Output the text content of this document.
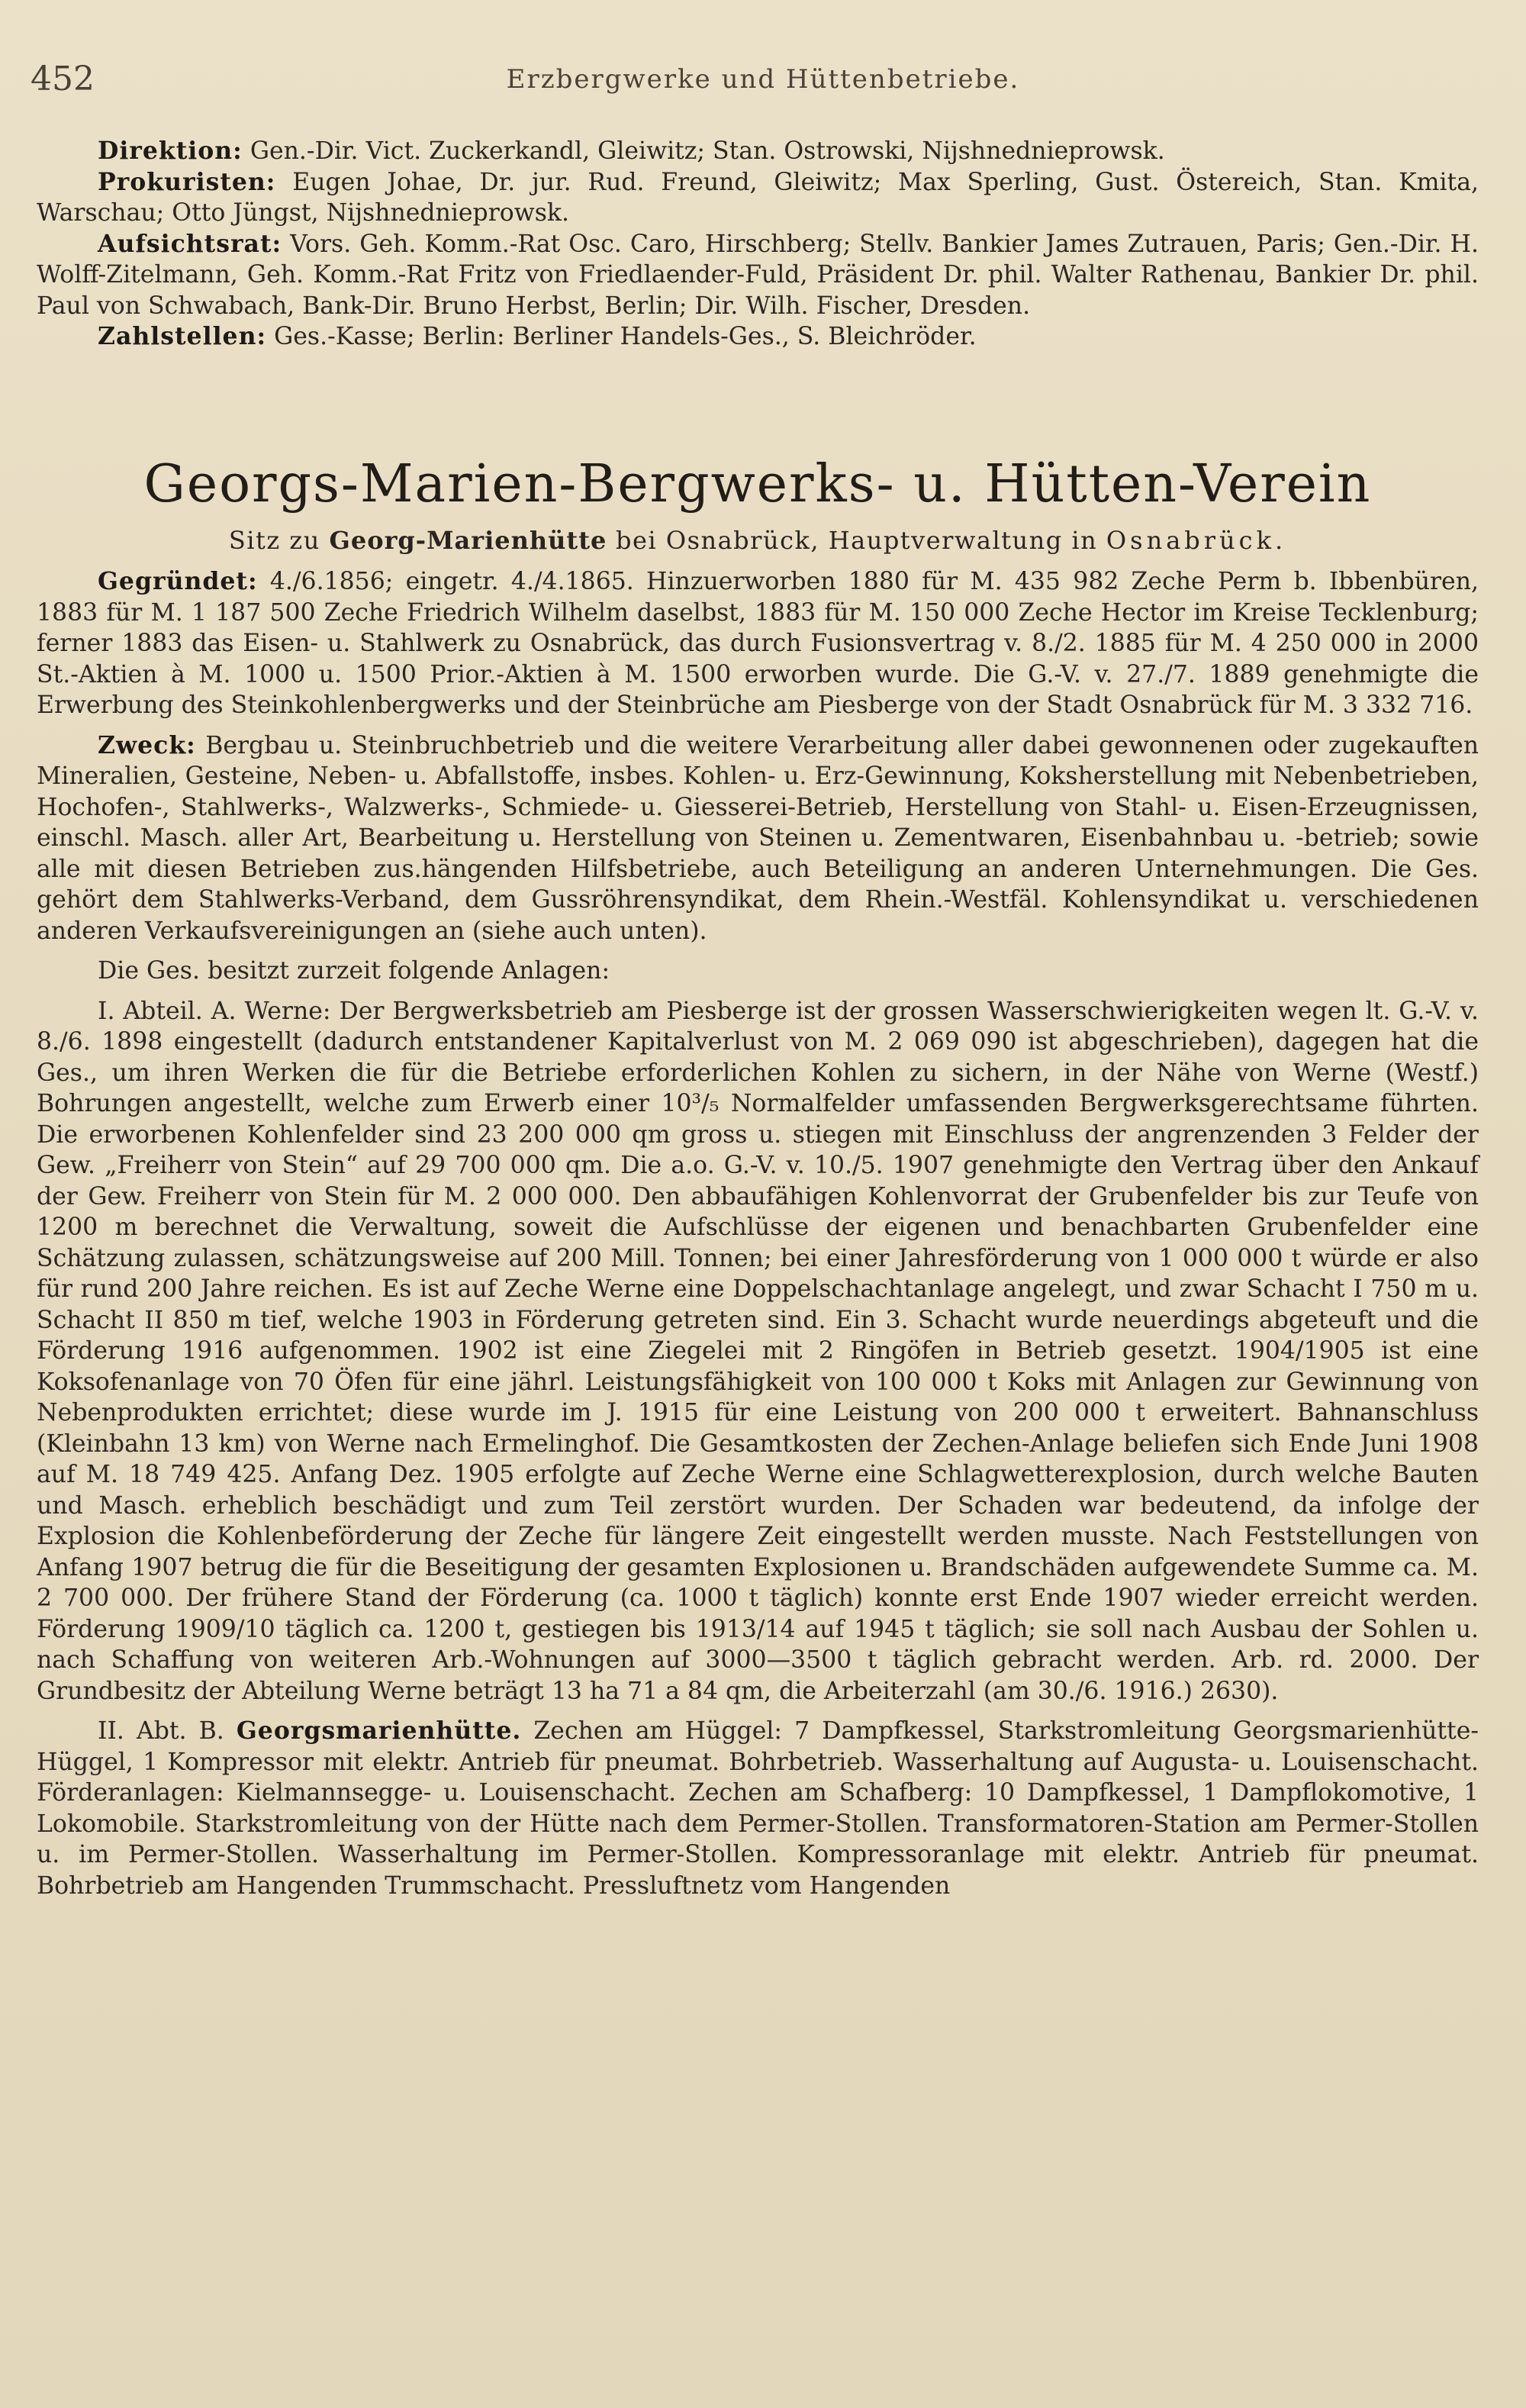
452	Erzbergwerke und Hüttenbetriebe.

Direktion: Gen.-Dir. Vict. Zuckerkandl, Gleiwitz; Stan. Ostrowski, Nijshnednieprowsk.

Prokuristen: Eugen Johae, Dr. jur. Rud. Freund, Gleiwitz; Max Sperling, Gust. Östereich, Stan. Kmita, Warschau; Otto Jüngst, Nijshnednieprowsk.

Aufsichtsrat: Vors. Geh. Komm.-Rat Osc. Caro, Hirschberg; Stellv. Bankier James Zutrauen, Paris; Gen.-Dir. H. Wolff-Zitelmann, Geh. Komm.-Rat Fritz von Friedlaender-Fuld, Präsident Dr. phil. Walter Rathenau, Bankier Dr. phil. Paul von Schwabach, Bank-Dir. Bruno Herbst, Berlin; Dir. Wilh. Fischer, Dresden.

Zahlstellen: Ges.-Kasse; Berlin: Berliner Handels-Ges., S. Bleichröder.

Georgs-Marien-Bergwerks- u. Hütten-Verein
Sitz zu Georg-Marienhütte bei Osnabrück, Hauptverwaltung in Osnabrück.

Gegründet: 4./6.1856; eingetr. 4./4.1865. Hinzuerworben 1880 für M. 435 982 Zeche Perm b. Ibbenbüren, 1883 für M. 1 187 500 Zeche Friedrich Wilhelm daselbst, 1883 für M. 150 000 Zeche Hector im Kreise Tecklenburg; ferner 1883 das Eisen- u. Stahlwerk zu Osnabrück, das durch Fusionsvertrag v. 8./2. 1885 für M. 4 250 000 in 2000 St.-Aktien à M. 1000 u. 1500 Prior.-Aktien à M. 1500 erworben wurde. Die G.-V. v. 27./7. 1889 genehmigte die Erwerbung des Steinkohlenbergwerks und der Steinbrüche am Piesberge von der Stadt Osnabrück für M. 3 332 716.

Zweck: Bergbau u. Steinbruchbetrieb und die weitere Verarbeitung aller dabei gewonnenen oder zugekauften Mineralien, Gesteine, Neben- u. Abfallstoffe, insbes. Kohlen- u. Erz-Gewinnung, Koksherstellung mit Nebenbetrieben, Hochofen-, Stahlwerks-, Walzwerks-, Schmiede- u. Giesserei-Betrieb, Herstellung von Stahl- u. Eisen-Erzeugnissen, einschl. Masch. aller Art, Bearbeitung u. Herstellung von Steinen u. Zementwaren, Eisenbahnbau u. -betrieb; sowie alle mit diesen Betrieben zus.hängenden Hilfsbetriebe, auch Beteiligung an anderen Unternehmungen. Die Ges. gehört dem Stahlwerks-Verband, dem Gussröhrensyndikat, dem Rhein.-Westfäl. Kohlensyndikat u. verschiedenen anderen Verkaufsvereinigungen an (siehe auch unten).

Die Ges. besitzt zurzeit folgende Anlagen:

I. Abteil. A. Werne: Der Bergwerksbetrieb am Piesberge ist der grossen Wasserschwierigkeiten wegen lt. G.-V. v. 8./6. 1898 eingestellt (dadurch entstandener Kapitalverlust von M. 2 069 090 ist abgeschrieben), dagegen hat die Ges., um ihren Werken die für die Betriebe erforderlichen Kohlen zu sichern, in der Nähe von Werne (Westf.) Bohrungen angestellt, welche zum Erwerb einer 10³/₅ Normalfelder umfassenden Bergwerksgerechtsame führten. Die erworbenen Kohlenfelder sind 23 200 000 qm gross u. stiegen mit Einschluss der angrenzenden 3 Felder der Gew. „Freiherr von Stein“ auf 29 700 000 qm. Die a.o. G.-V. v. 10./5. 1907 genehmigte den Vertrag über den Ankauf der Gew. Freiherr von Stein für M. 2 000 000. Den abbaufähigen Kohlenvorrat der Grubenfelder bis zur Teufe von 1200 m berechnet die Verwaltung, soweit die Aufschlüsse der eigenen und benachbarten Grubenfelder eine Schätzung zulassen, schätzungsweise auf 200 Mill. Tonnen; bei einer Jahresförderung von 1 000 000 t würde er also für rund 200 Jahre reichen. Es ist auf Zeche Werne eine Doppelschachtanlage angelegt, und zwar Schacht I 750 m u. Schacht II 850 m tief, welche 1903 in Förderung getreten sind. Ein 3. Schacht wurde neuerdings abgeteuft und die Förderung 1916 aufgenommen. 1902 ist eine Ziegelei mit 2 Ringöfen in Betrieb gesetzt. 1904/1905 ist eine Koksofenanlage von 70 Öfen für eine jährl. Leistungsfähigkeit von 100 000 t Koks mit Anlagen zur Gewinnung von Nebenprodukten errichtet; diese wurde im J. 1915 für eine Leistung von 200 000 t erweitert. Bahnanschluss (Kleinbahn 13 km) von Werne nach Ermelinghof. Die Gesamtkosten der Zechen-Anlage beliefen sich Ende Juni 1908 auf M. 18 749 425. Anfang Dez. 1905 erfolgte auf Zeche Werne eine Schlagwetterexplosion, durch welche Bauten und Masch. erheblich beschädigt und zum Teil zerstört wurden. Der Schaden war bedeutend, da infolge der Explosion die Kohlenbeförderung der Zeche für längere Zeit eingestellt werden musste. Nach Feststellungen von Anfang 1907 betrug die für die Beseitigung der gesamten Explosionen u. Brandschäden aufgewendete Summe ca. M. 2 700 000. Der frühere Stand der Förderung (ca. 1000 t täglich) konnte erst Ende 1907 wieder erreicht werden. Förderung 1909/10 täglich ca. 1200 t, gestiegen bis 1913/14 auf 1945 t täglich; sie soll nach Ausbau der Sohlen u. nach Schaffung von weiteren Arb.-Wohnungen auf 3000—3500 t täglich gebracht werden. Arb. rd. 2000. Der Grundbesitz der Abteilung Werne beträgt 13 ha 71 a 84 qm, die Arbeiterzahl (am 30./6. 1916.) 2630).

II. Abt. B. Georgsmarienhütte. Zechen am Hüggel: 7 Dampfkessel, Starkstromleitung Georgsmarienhütte-Hüggel, 1 Kompressor mit elektr. Antrieb für pneumat. Bohrbetrieb. Wasserhaltung auf Augusta- u. Louisenschacht. Förderanlagen: Kielmannsegge- u. Louisenschacht. Zechen am Schafberg: 10 Dampfkessel, 1 Dampflokomotive, 1 Lokomobile. Starkstromleitung von der Hütte nach dem Permer-Stollen. Transformatoren-Station am Permer-Stollen u. im Permer-Stollen. Wasserhaltung im Permer-Stollen. Kompressoranlage mit elektr. Antrieb für pneumat. Bohrbetrieb am Hangenden Trummschacht. Pressluftnetz vom Hangenden
